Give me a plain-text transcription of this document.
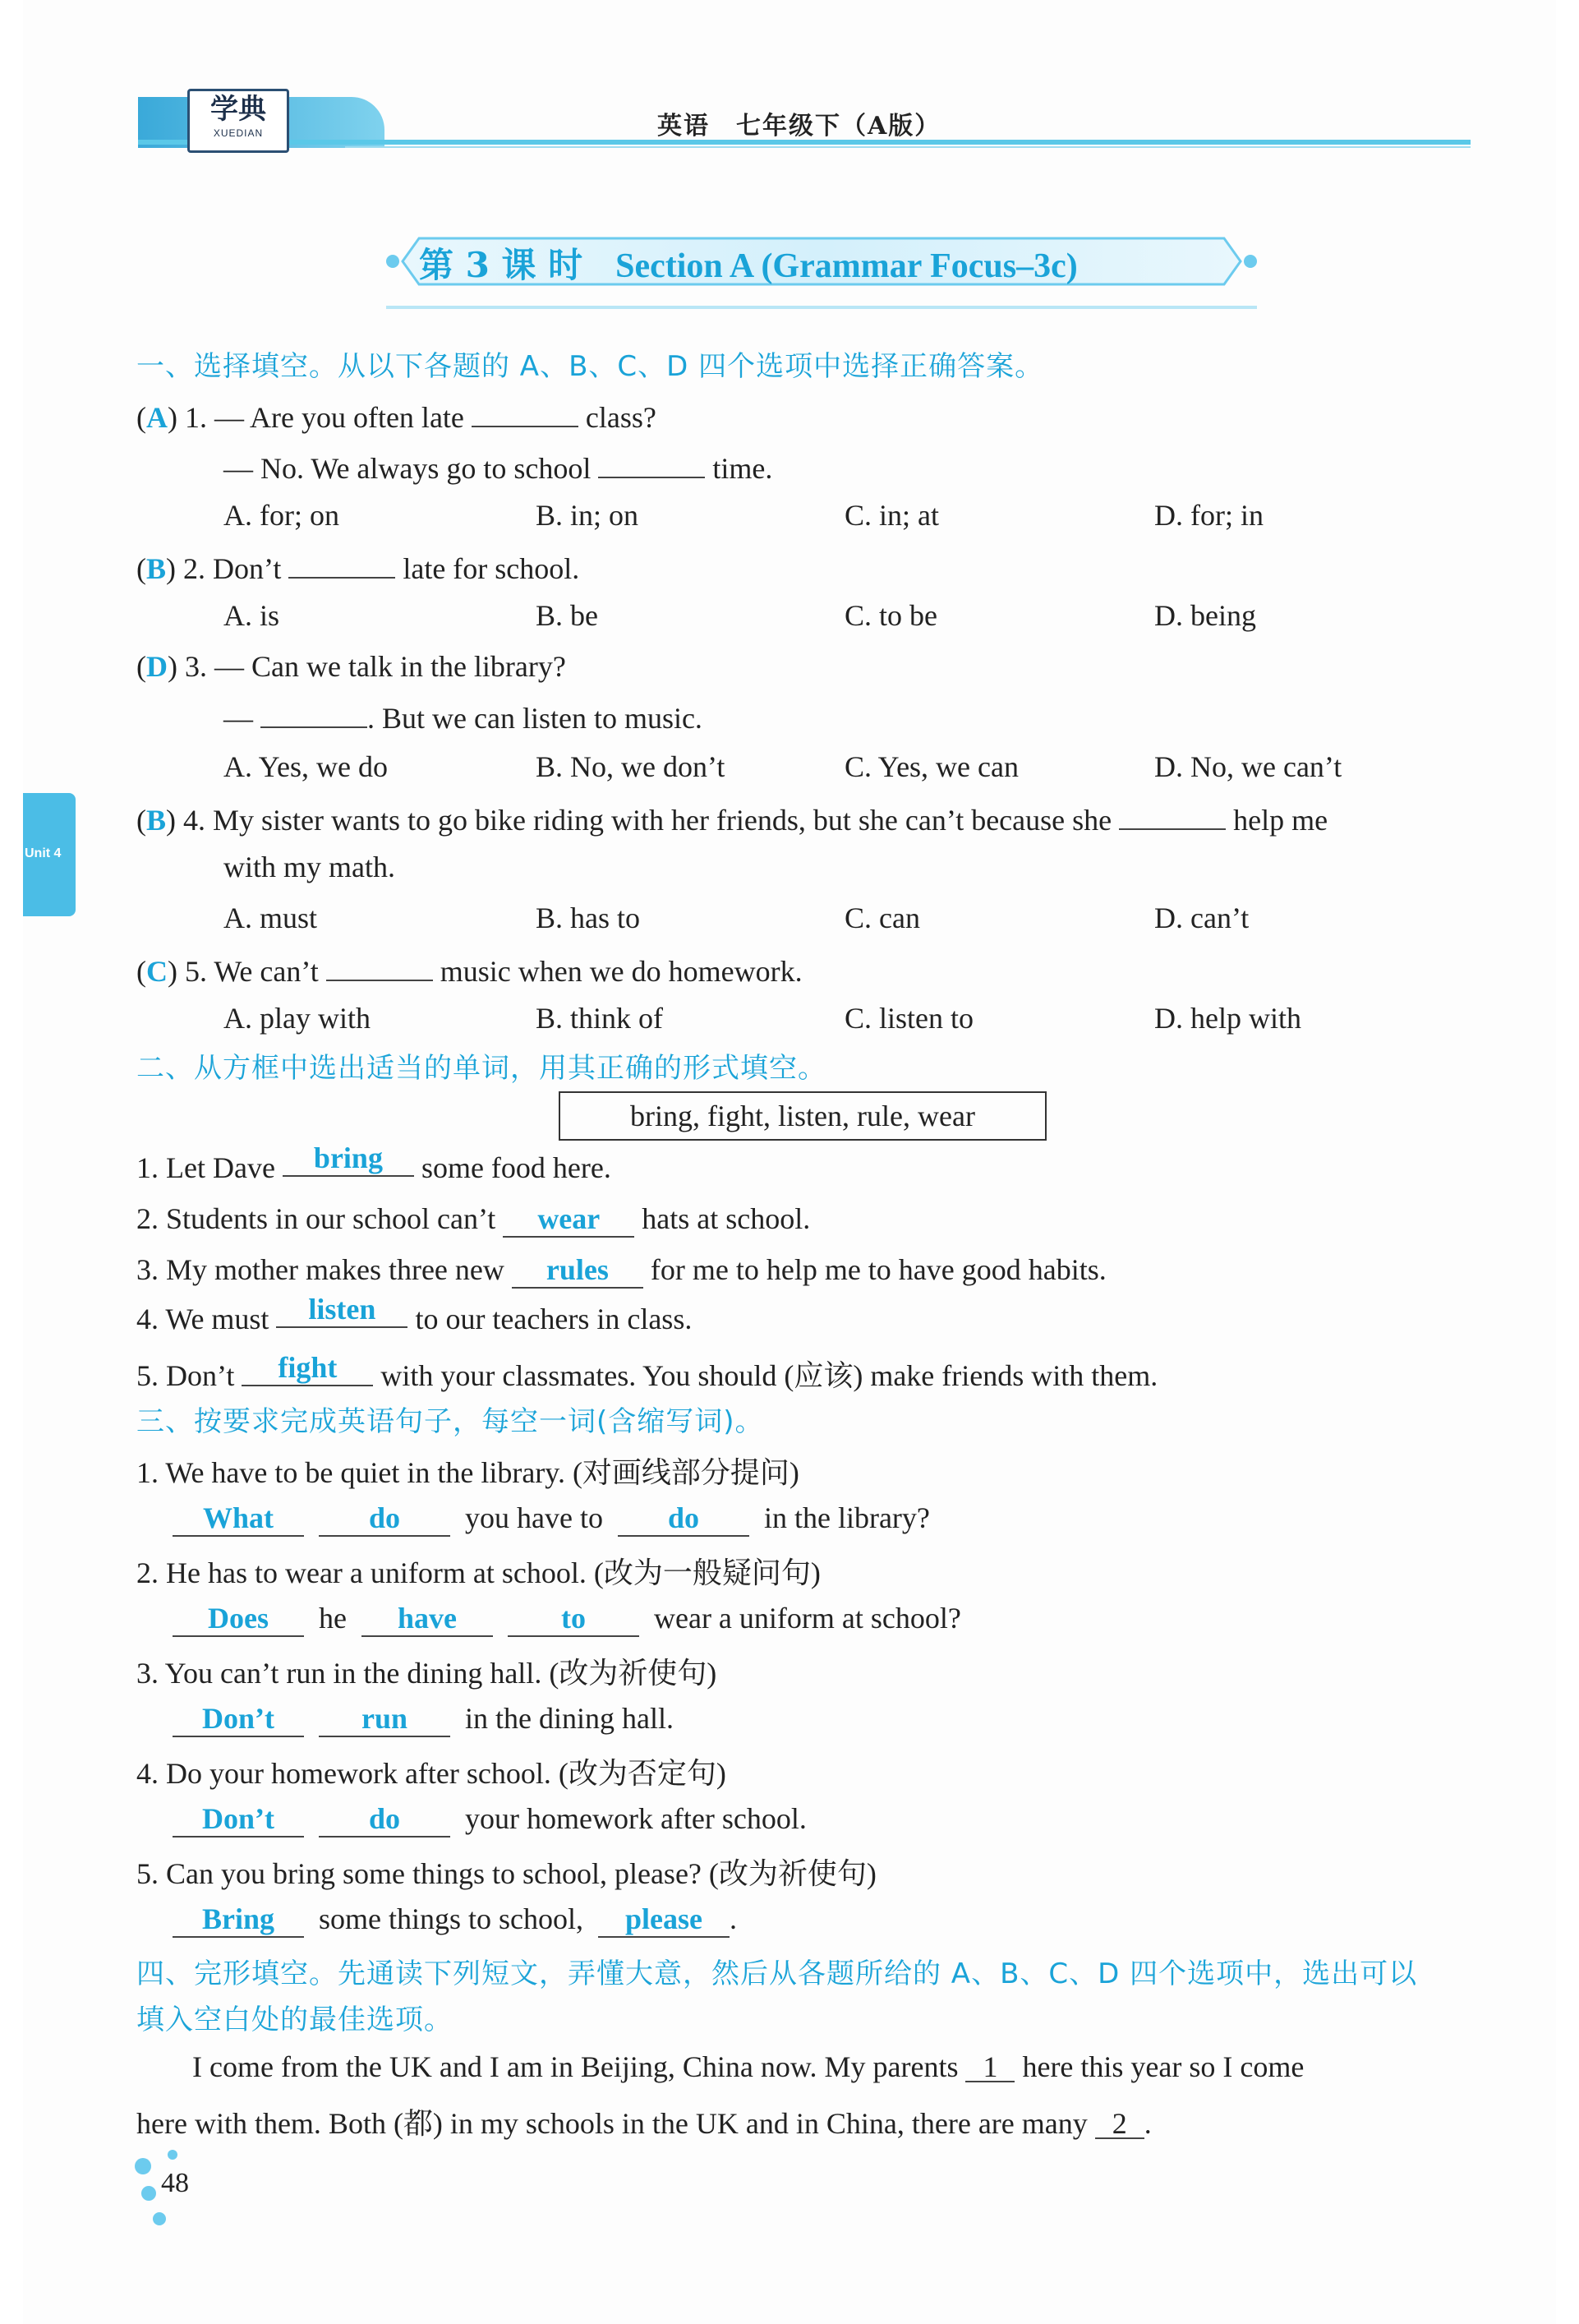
学典
XUEDIAN	英语　七年级下（A版）
第 3 课 时 Section A (Grammar Focus–3c)
Unit 4
一、选择填空。从以下各题的 A、B、C、D 四个选项中选择正确答案。
(A) 1. — Are you often late	class?
— No. We always go to school	time.
A. for; on	B. in; on	C. in; at	D. for; in
(B) 2. Don’t	late for school.
A. is	B. be	C. to be	D. being
(D) 3. — Can we talk in the library?
—	. But we can listen to music.
A. Yes, we do	B. No, we don’t	C. Yes, we can	D. No, we can’t
(B) 4. My sister wants to go bike riding with her friends, but she can’t because she	help me
with my math.
A. must	B. has to	C. can	D. can’t
(C) 5. We can’t	music when we do homework.
A. play with	B. think of	C. listen to	D. help with
二、从方框中选出适当的单词，用其正确的形式填空。
bring, fight, listen, rule, wear
1. Let Dave bring some food here.
2. Students in our school can’t wear hats at school.
3. My mother makes three new rules for me to help me to have good habits.
4. We must listen to our teachers in class.
5. Don’t fight with your classmates. You should (应该) make friends with them.
三、按要求完成英语句子，每空一词(含缩写词)。
1. We have to be quiet in the library. (对画线部分提问)
What	do you have to do in the library?
2. He has to wear a uniform at school. (改为一般疑问句)
Does he have	to wear a uniform at school?
3. You can’t run in the dining hall. (改为祈使句)
Don’t	run in the dining hall.
4. Do your homework after school. (改为否定句)
Don’t	do your homework after school.
5. Can you bring some things to school, please? (改为祈使句)
Bring some things to school, please .
四、完形填空。先通读下列短文，弄懂大意，然后从各题所给的 A、B、C、D 四个选项中，选出可以
填入空白处的最佳选项。
I come from the UK and I am in Beijing, China now. My parents 1 here this year so I come
here with them. Both (都) in my schools in the UK and in China, there are many 2 .
48
